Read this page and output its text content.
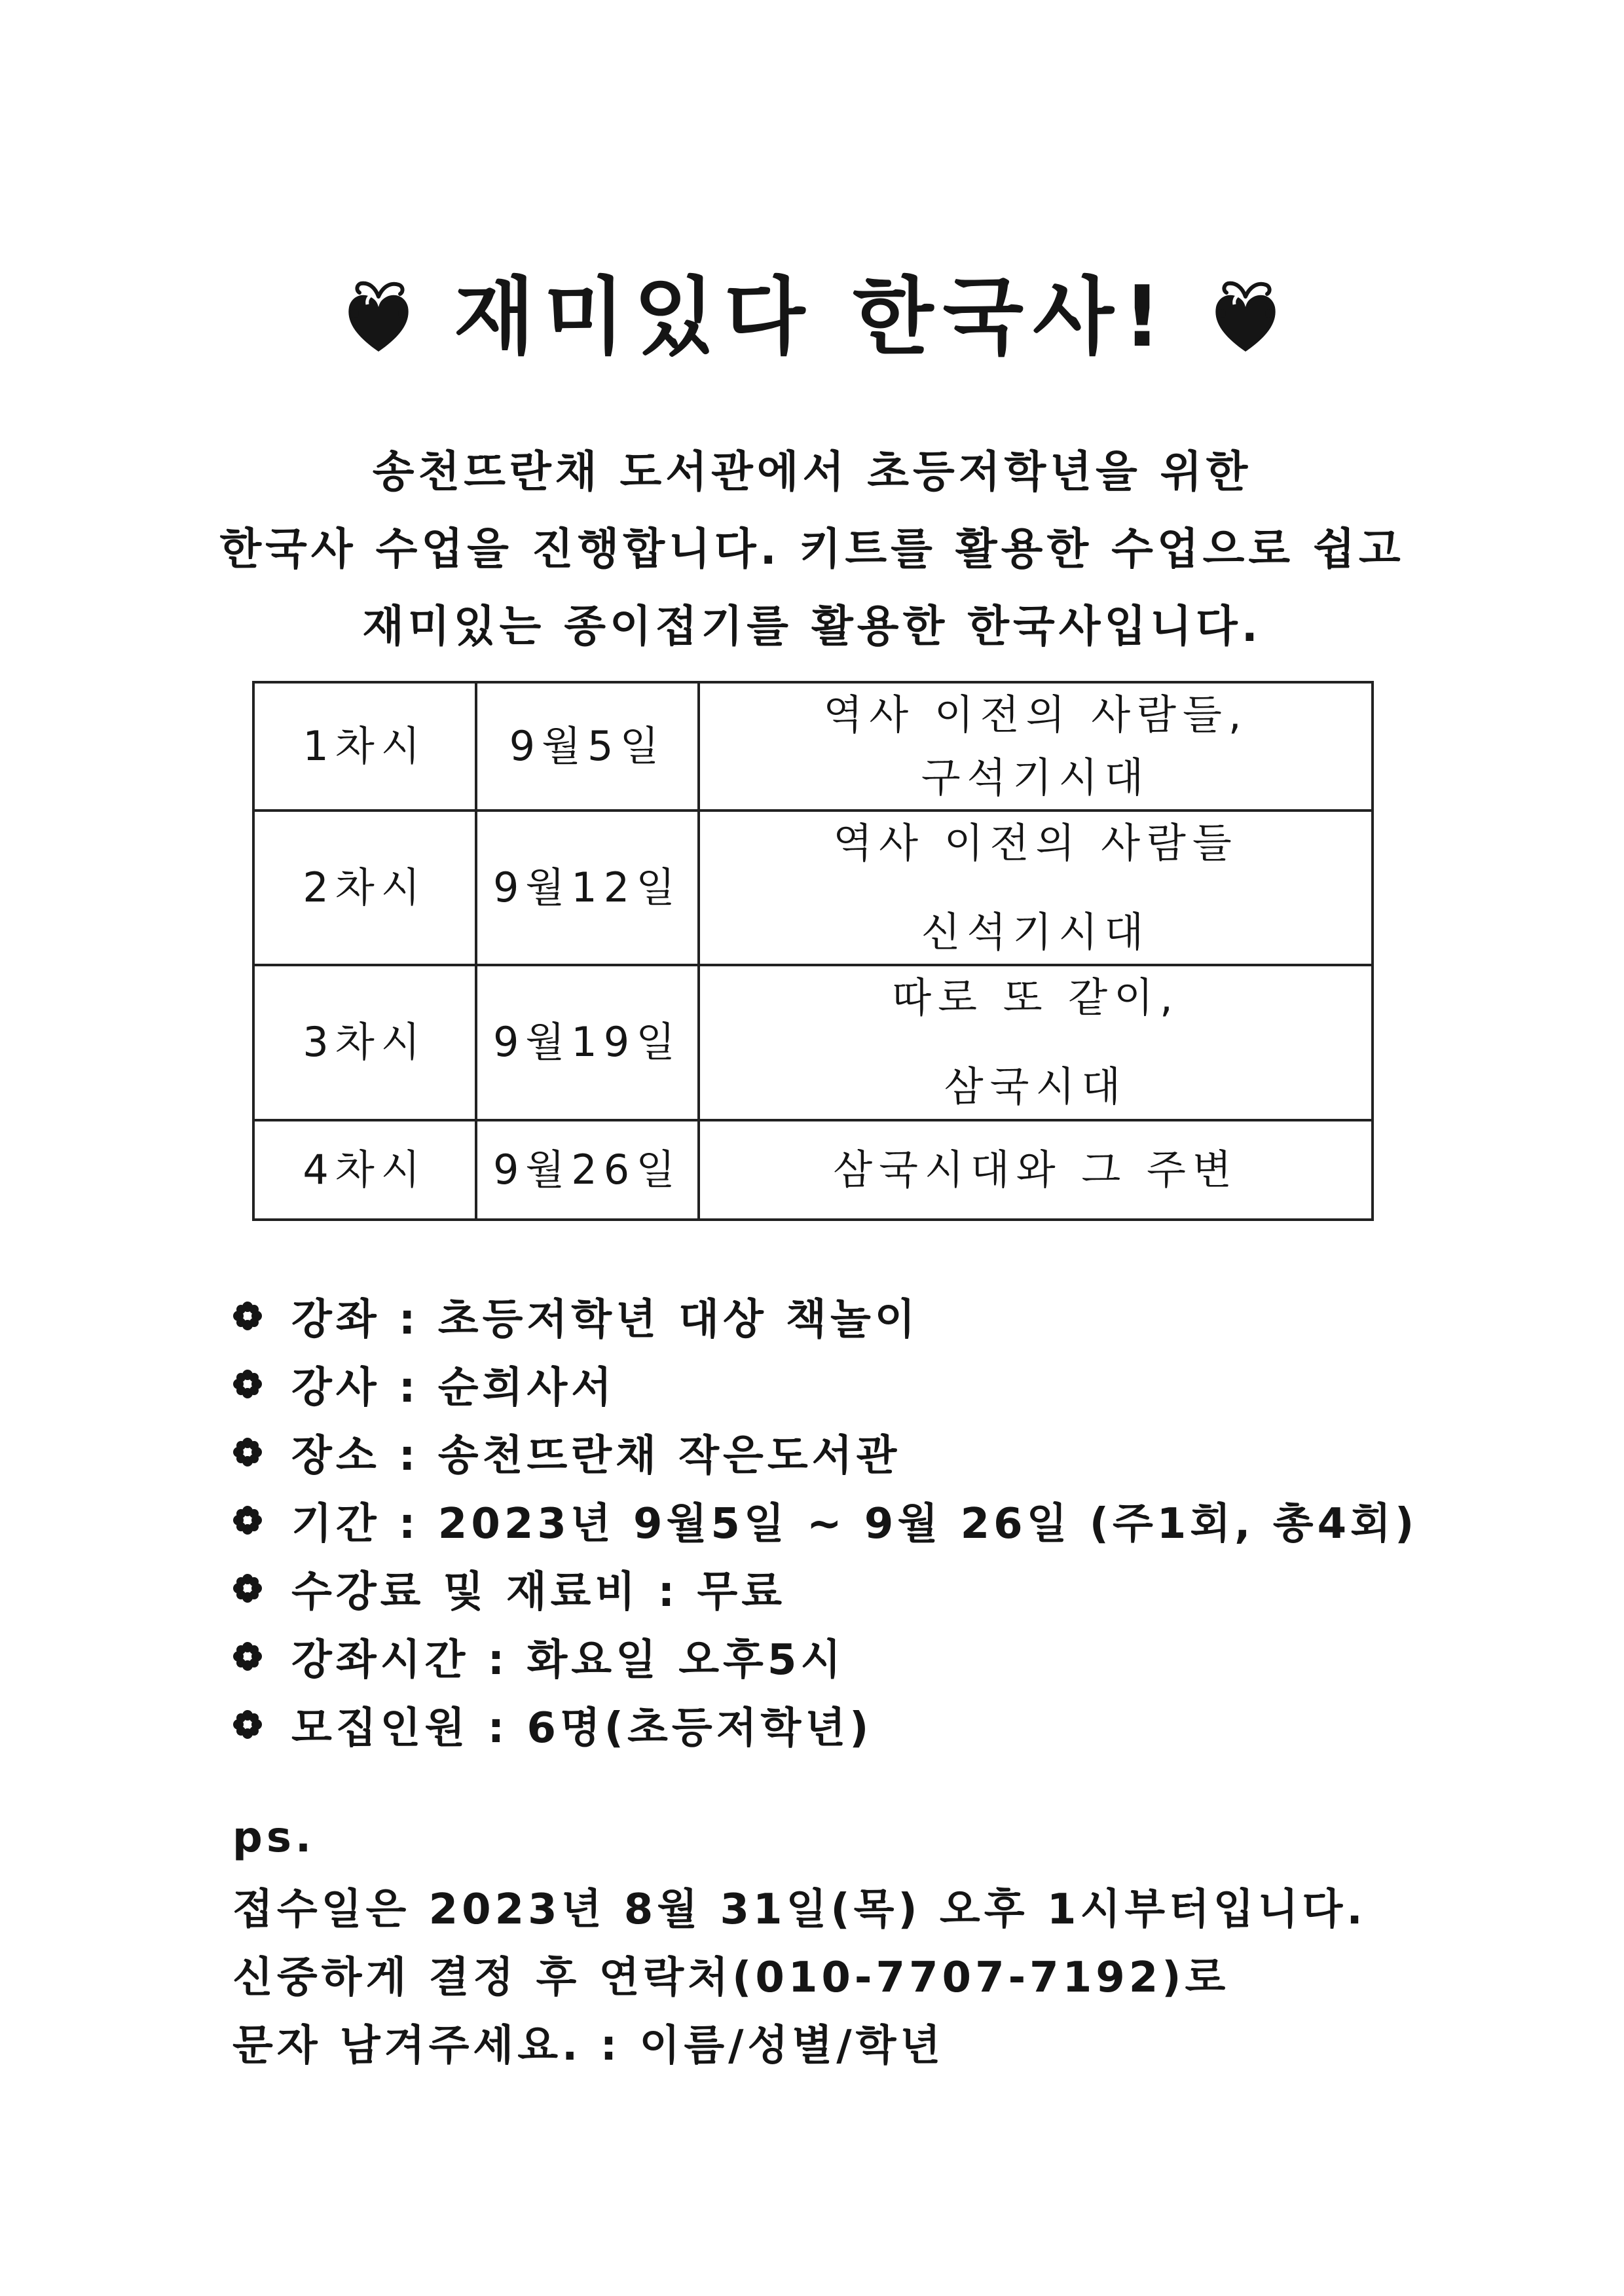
재미있다 한국사!
송천뜨란채 도서관에서 초등저학년을 위한
한국사 수업을 진행합니다. 키트를 활용한 수업으로 쉽고
재미있는 종이접기를 활용한 한국사입니다.
1차시	9월5일	역사 이전의 사람들,
구석기시대

2차시	9월12일	역사 이전의 사람들
신석기시대

3차시	9월19일	따로 또 같이,
삼국시대

4차시	9월26일	삼국시대와 그 주변
강좌 : 초등저학년 대상 책놀이
강사 : 순희사서
장소 : 송천뜨란채 작은도서관
기간 : 2023년 9월5일 ~ 9월 26일 (주1회, 총4회)
수강료 및 재료비 : 무료
강좌시간 : 화요일 오후5시
모집인원 : 6명(초등저학년)
ps.
접수일은 2023년 8월 31일(목) 오후 1시부터입니다.
신중하게 결정 후 연락처(010-7707-7192)로
문자 남겨주세요. : 이름/성별/학년
